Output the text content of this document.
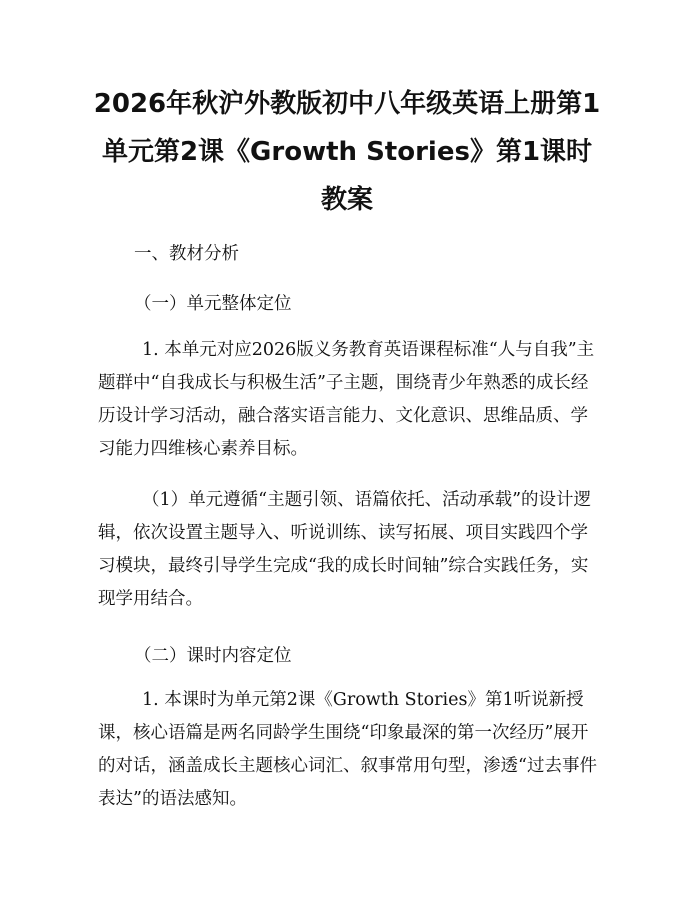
2026年秋沪外教版初中八年级英语上册第1单元第2课《Growth Stories》第1课时教案
一、教材分析
（一）单元整体定位

1. 本单元对应2026版义务教育英语课程标准“人与自我”主题群中“自我成长与积极生活”子主题，围绕青少年熟悉的成长经历设计学习活动，融合落实语言能力、文化意识、思维品质、学习能力四维核心素养目标。

（1）单元遵循“主题引领、语篇依托、活动承载”的设计逻辑，依次设置主题导入、听说训练、读写拓展、项目实践四个学习模块，最终引导学生完成“我的成长时间轴”综合实践任务，实现学用结合。

（二）课时内容定位

1. 本课时为单元第2课《Growth Stories》第1听说新授课，核心语篇是两名同龄学生围绕“印象最深的第一次经历”展开的对话，涵盖成长主题核心词汇、叙事常用句型，渗透“过去事件表达”的语法感知。
